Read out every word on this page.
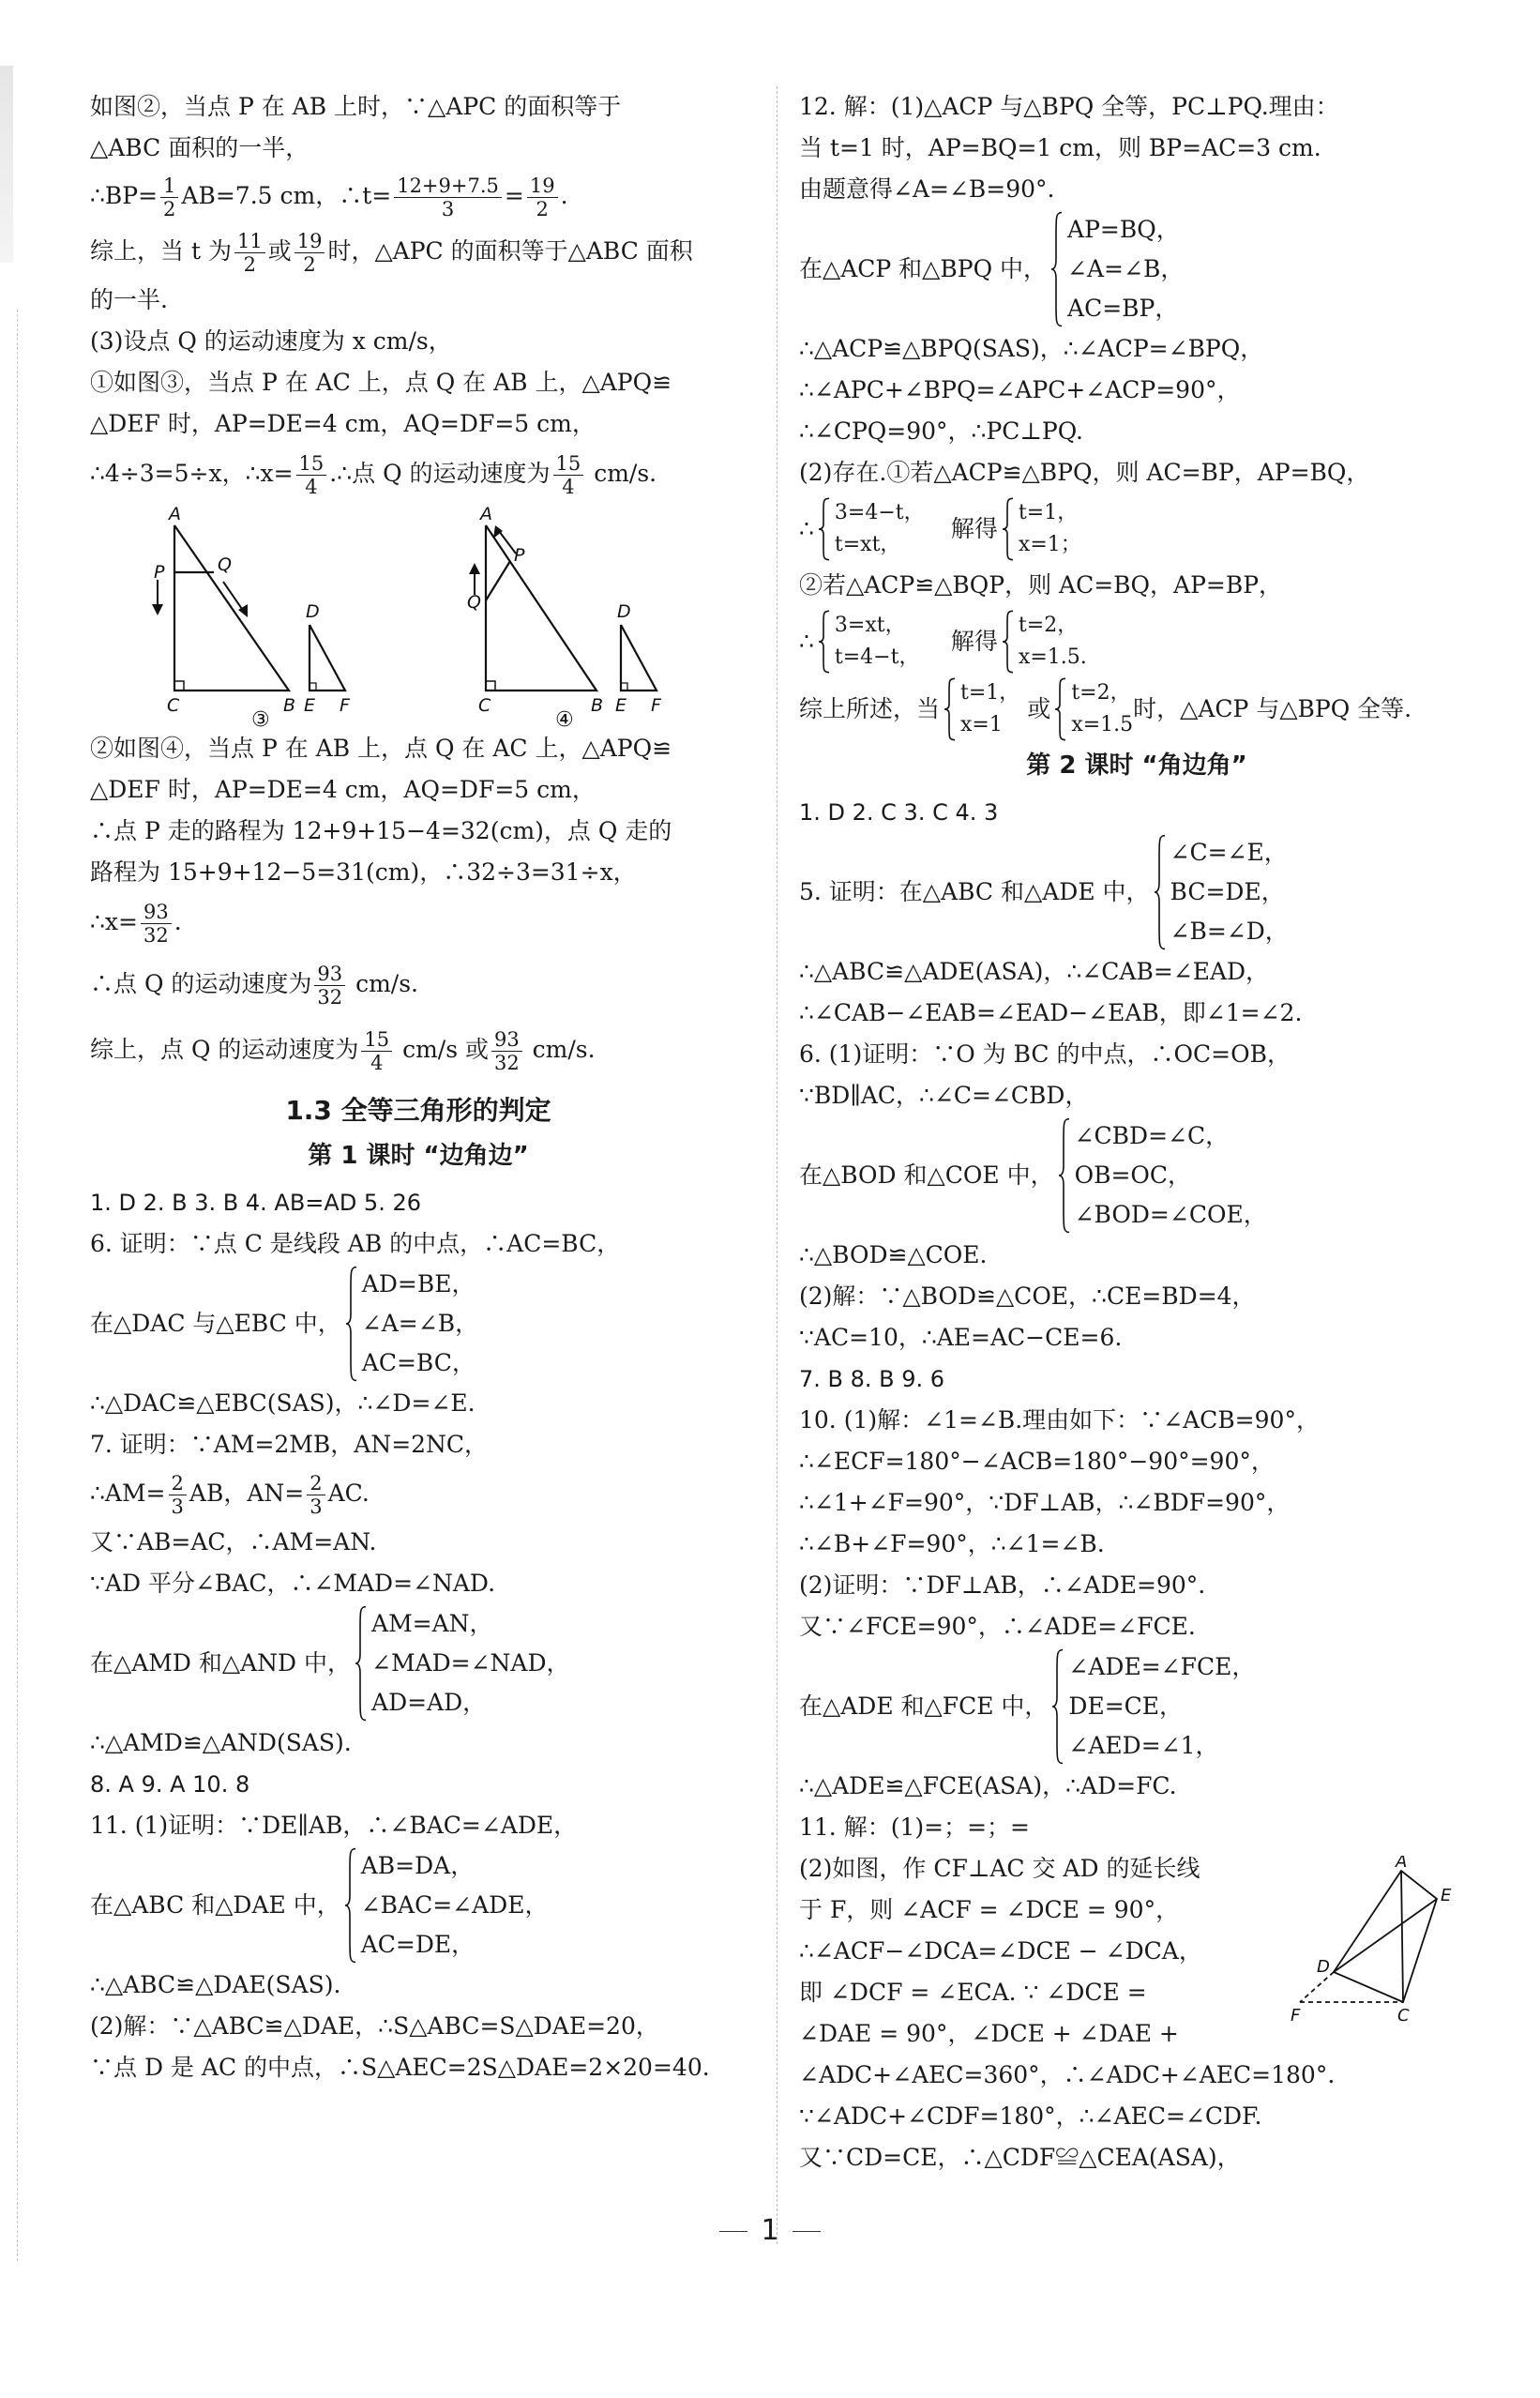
如图②，当点 P 在 AB 上时，∵△APC 的面积等于
△ABC 面积的一半，
∴BP= $\frac{1}{2} AB=7.5$ cm，∴t= $\frac{12+9+7.5}{3} = \frac{19}{2}$ .
综上，当 t 为 $\frac{11}{2}$ 或 $\frac{19}{2}$ 时，△APC 的面积等于△ABC 面积
的一半.
(3)设点 Q 的运动速度为 x cm/s，
①如图③，当点 P 在 AC 上，点 Q 在 AB 上，△APQ≌
△DEF 时，AP=DE=4 cm，AQ=DF=5 cm，
∴4÷3=5÷x，∴x= $\frac{15}{4}$ .∴点 Q 的运动速度为 $\frac{15}{4} cm/s$.
A
P	Q
C	B
D
E F
A
P
Q
C	B
D
E F
③	④
②如图④，当点 P 在 AB 上，点 Q 在 AC 上，△APQ≌
△DEF 时，AP=DE=4 cm，AQ=DF=5 cm，
∴点 P 走的路程为 12+9+15−4=32(cm)，点 Q 走的
路程为 15+9+12−5=31(cm)，∴32÷3=31÷x，
∴x= $\frac{93}{32}$ .
∴点 Q 的运动速度为 $\frac{93}{32} cm/s$.
综上，点 Q 的运动速度为 $\frac{15}{4} cm/s$ 或 $\frac{93}{32} cm/s$.
1.3 全等三角形的判定
第 1 课时 “边角边”
1. D 2. B 3. B 4. AB=AD 5. 26
6. 证明：∵点 C 是线段 AB 的中点，∴AC=BC，
在△DAC 与△EBC 中，
AD=BE，
∠A=∠B，
AC=BC，
∴△DAC≌△EBC(SAS)，∴∠D=∠E.
7. 证明：∵AM=2MB，AN=2NC，
∴AM= $\frac{2}{3}$ AB，$AN= \frac{2}{3}$ AC.
又∵AB=AC，∴AM=AN.
∵AD 平分∠BAC，∴∠MAD=∠NAD.
在△AMD 和△AND 中，
AM=AN，
∠MAD=∠NAD，
AD=AD，
∴△AMD≌△AND(SAS).
8. A 9. A 10. 8
11. (1)证明：∵DE∥AB，∴∠BAC=∠ADE，
在△ABC 和△DAE 中，
AB=DA，
∠BAC=∠ADE，
AC=DE，
∴△ABC≌△DAE(SAS).
(2)解：∵△ABC≌△DAE，∴S△ABC=S△DAE=20，
∵点 D 是 AC 的中点，∴S△AEC=2S△DAE=2×20=40.
12. 解：(1)△ACP 与△BPQ 全等，PC⊥PQ.理由：
当 t=1 时，AP=BQ=1 cm，则 BP=AC=3 cm.
由题意得∠A=∠B=90°.
在△ACP 和△BPQ 中，
AP=BQ，
∠A=∠B，
AC=BP，
∴△ACP≌△BPQ(SAS)，∴∠ACP=∠BPQ，
∴∠APC+∠BPQ=∠APC+∠ACP=90°，
∴∠CPQ=90°，∴PC⊥PQ.
(2)存在.①若△ACP≌△BPQ，则 AC=BP，AP=BQ，
∴
3=4−t，
t=xt，
解得
t=1，
x=1；
②若△ACP≌△BQP，则 AC=BQ，AP=BP，
∴
3=xt，
t=4−t，
解得
t=2，
x=1.5.
综上所述，当
t=1，
x=1
或
t=2，
x=1.5
时，△ACP 与△BPQ 全等.
第 2 课时 “角边角”
1. D 2. C 3. C 4. 3
5. 证明：在△ABC 和△ADE 中，
∠C=∠E，
BC=DE，
∠B=∠D，
∴△ABC≌△ADE(ASA)，∴∠CAB=∠EAD，
∴∠CAB−∠EAB=∠EAD−∠EAB，即∠1=∠2.
6. (1)证明：∵O 为 BC 的中点，∴OC=OB，
∵BD∥AC，∴∠C=∠CBD，
在△BOD 和△COE 中，
∠CBD=∠C，
OB=OC，
∠BOD=∠COE，
∴△BOD≌△COE.
(2)解：∵△BOD≌△COE，∴CE=BD=4，
∵AC=10，∴AE=AC−CE=6.
7. B 8. B 9. 6
10. (1)解：∠1=∠B.理由如下：∵∠ACB=90°，
∴∠ECF=180°−∠ACB=180°−90°=90°，
∴∠1+∠F=90°，∵DF⊥AB，∴∠BDF=90°，
∴∠B+∠F=90°，∴∠1=∠B.
(2)证明：∵DF⊥AB，∴∠ADE=90°.
又∵∠FCE=90°，∴∠ADE=∠FCE.
在△ADE 和△FCE 中，
∠ADE=∠FCE，
DE=CE，
∠AED=∠1，
∴△ADE≌△FCE(ASA)，∴AD=FC.
11. 解：(1)=；=；=
(2)如图，作 CF⊥AC 交 AD 的延长线
于 F，则 ∠ACF = ∠DCE = 90°，
∴∠ACF−∠DCA=∠DCE − ∠DCA，
即 ∠DCF = ∠ECA. ∵ ∠DCE =
∠DAE = 90°，∠DCE + ∠DAE +
A
E
D
F	C
∠ADC+∠AEC=360°，∴∠ADC+∠AEC=180°.
∵∠ADC+∠CDF=180°，∴∠AEC=∠CDF.
又∵CD=CE，∴△CDF≌△CEA(ASA)，
1
